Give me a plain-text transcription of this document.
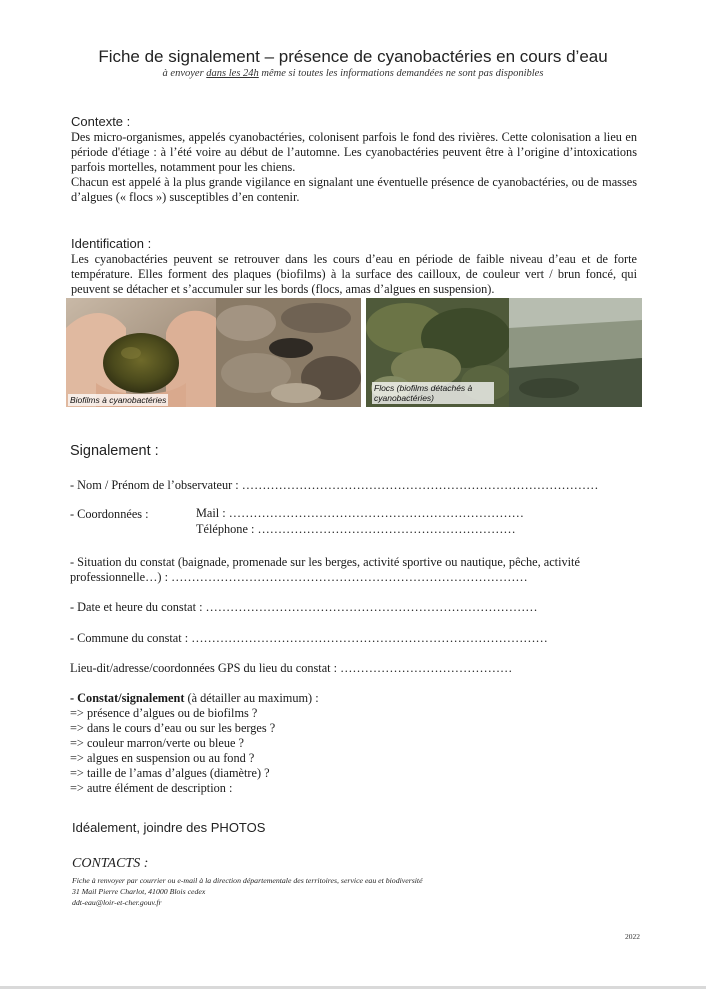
Fiche de signalement – présence de cyanobactéries en cours d’eau
à envoyer dans les 24h même si toutes les informations demandées ne sont pas disponibles
Contexte :

Des micro-organismes, appelés cyanobactéries, colonisent parfois le fond des rivières. Cette colonisation a lieu en période d'étiage : à l’été voire au début de l’automne. Les cyanobactéries peuvent être à l’origine d’intoxications parfois mortelles, notamment pour les chiens.

Chacun est appelé à la plus grande vigilance en signalant une éventuelle présence de cyanobactéries, ou de masses d’algues (« flocs ») susceptibles d’en contenir.

Identification :
Les cyanobactéries peuvent se retrouver dans les cours d’eau en période de faible niveau d’eau et de forte température. Elles forment des plaques (biofilms) à la surface des cailloux, de couleur vert / brun foncé, qui peuvent se détacher et s’accumuler sur les bords (flocs, amas d’algues en suspension).
Biofilms à cyanobactéries
Flocs (biofilms détachés à cyanobactéries)
Signalement :
- Nom / Prénom de l’observateur : ……………………………………………………………………………
- Coordonnées :	Mail : ………………………………………………………………
Téléphone : ………………………………………………………
- Situation du constat (baignade, promenade sur les berges, activité sportive ou nautique, pêche, activité
professionnelle…) : ……………………………………………………………………………
- Date et heure du constat : ………………………………………………………………………
- Commune du constat : ……………………………………………………………………………
Lieu-dit/adresse/coordonnées GPS du lieu du constat : ……………………………………
- Constat/signalement (à détailler au maximum) :
=> présence d’algues ou de biofilms ?
=> dans le cours d’eau ou sur les berges ?
=> couleur marron/verte ou bleue ?
=> algues en suspension ou au fond ?
=> taille de l’amas d’algues (diamètre) ?
=> autre élément de description :
Idéalement, joindre des PHOTOS
CONTACTS :
Fiche à renvoyer par courrier ou e-mail à la direction départementale des territoires, service eau et biodiversité
31 Mail Pierre Charlot, 41000 Blois cedex
ddt-eau@loir-et-cher.gouv.fr
2022
